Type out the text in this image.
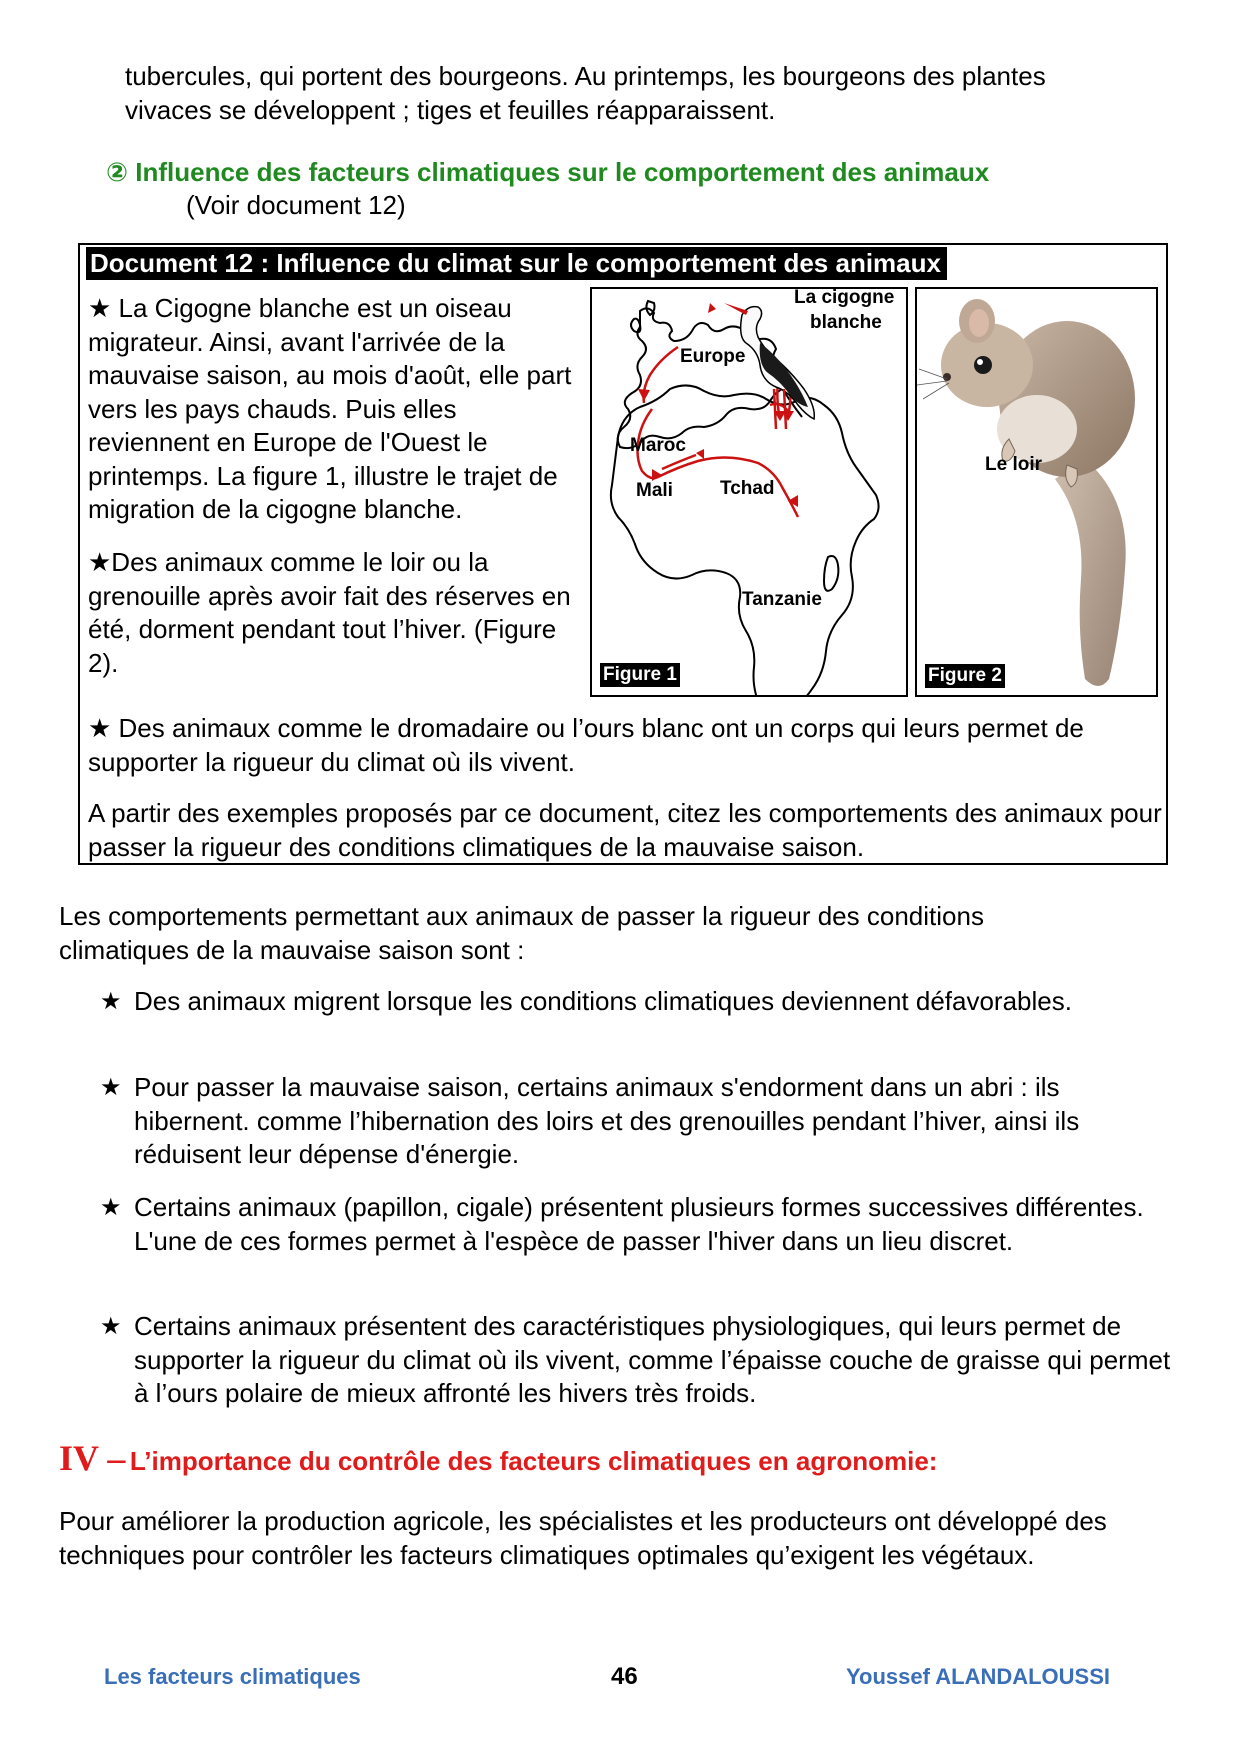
tubercules, qui portent des bourgeons. Au printemps, les bourgeons des plantes
vivaces se développent ; tiges et feuilles réapparaissent.
② Influence des facteurs climatiques sur le comportement des animaux
(Voir document 12)
Document 12 : Influence du climat sur le comportement des animaux
★ La Cigogne blanche est un oiseau migrateur. Ainsi, avant l'arrivée de la mauvaise saison, au mois d'août, elle part vers les pays chauds. Puis elles reviennent en Europe de l'Ouest le printemps. La figure 1, illustre le trajet de migration de la cigogne blanche.
★Des animaux comme le loir ou la grenouille après avoir fait des réserves en été, dorment pendant tout l’hiver. (Figure 2).
La cigogne
blanche
Europe
Maroc
Mali Tchad
Tanzanie
Figure 1
Le loir
Figure 2
★ Des animaux comme le dromadaire ou l’ours blanc ont un corps qui leurs permet de supporter la rigueur du climat où ils vivent.
A partir des exemples proposés par ce document, citez les comportements des animaux pour passer la rigueur des conditions climatiques de la mauvaise saison.
Les comportements permettant aux animaux de passer la rigueur des conditions climatiques de la mauvaise saison sont :
★ Des animaux migrent lorsque les conditions climatiques deviennent défavorables.
★ Pour passer la mauvaise saison, certains animaux s'endorment dans un abri : ils hibernent. comme l’hibernation des loirs et des grenouilles pendant l’hiver, ainsi ils réduisent leur dépense d'énergie.
★ Certains animaux (papillon, cigale) présentent plusieurs formes successives différentes. L'une de ces formes permet à l'espèce de passer l'hiver dans un lieu discret.
★ Certains animaux présentent des caractéristiques physiologiques, qui leurs permet de supporter la rigueur du climat où ils vivent, comme l’épaisse couche de graisse qui permet à l’ours polaire de mieux affronté les hivers très froids.
IV – L’importance du contrôle des facteurs climatiques en agronomie:
Pour améliorer la production agricole, les spécialistes et les producteurs ont développé des techniques pour contrôler les facteurs climatiques optimales qu’exigent les végétaux.
Les facteurs climatiques	46	Youssef ALANDALOUSSI
